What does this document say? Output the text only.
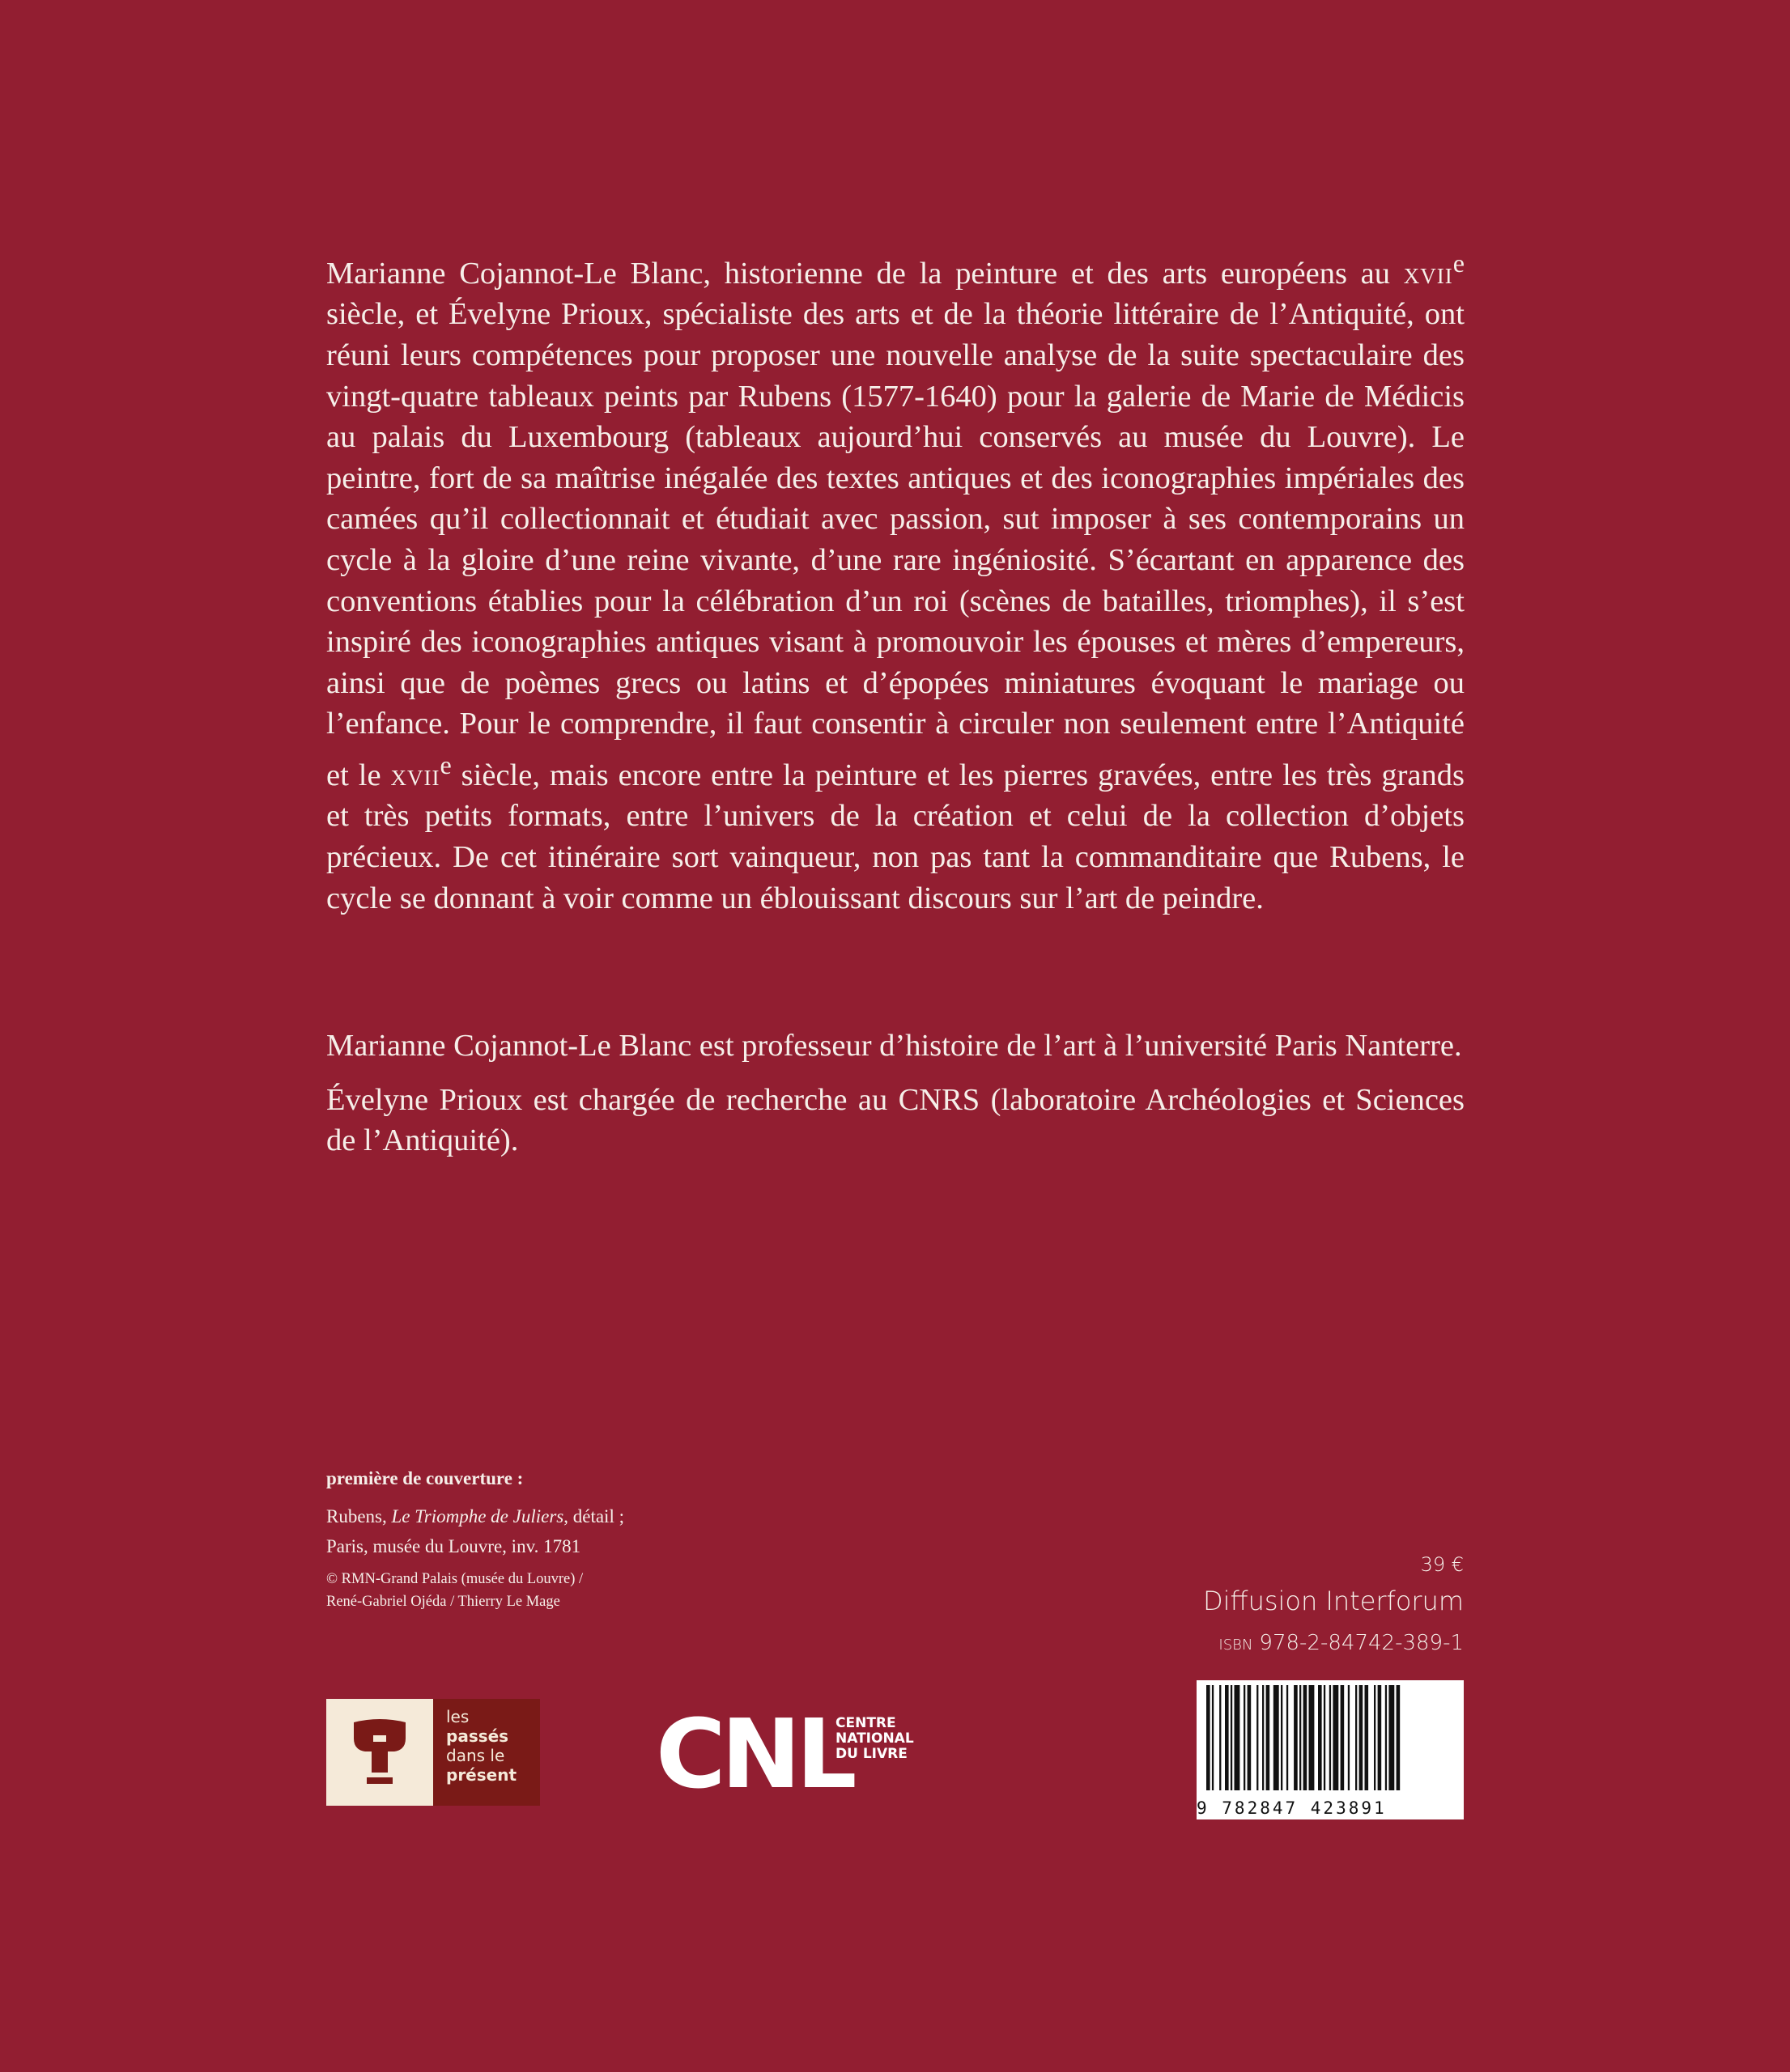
Marianne Cojannot-Le Blanc, historienne de la peinture et des arts européens au xvii$^e$ siècle, et Évelyne Prioux, spécialiste des arts et de la théorie littéraire de l’Antiquité, ont réuni leurs compétences pour proposer une nouvelle analyse de la suite spectaculaire des vingt-quatre tableaux peints par Rubens (1577-1640) pour la galerie de Marie de Médicis au palais du Luxembourg (tableaux aujourd’hui conservés au musée du Louvre). Le peintre, fort de sa maîtrise inégalée des textes antiques et des iconographies impériales des camées qu’il collectionnait et étudiait avec passion, sut imposer à ses contemporains un cycle à la gloire d’une reine vivante, d’une rare ingéniosité. S’écartant en apparence des conventions établies pour la célébration d’un roi (scènes de batailles, triomphes), il s’est inspiré des iconographies antiques visant à promouvoir les épouses et mères d’empereurs, ainsi que de poèmes grecs ou latins et d’épopées miniatures évoquant le mariage ou l’enfance. Pour le comprendre, il faut consentir à circuler non seulement entre l’Antiquité et le xvii$^e$ siècle, mais encore entre la peinture et les pierres gravées, entre les très grands et très petits formats, entre l’univers de la création et celui de la collection d’objets précieux. De cet itinéraire sort vainqueur, non pas tant la commanditaire que Rubens, le cycle se donnant à voir comme un éblouissant discours sur l’art de peindre.

Marianne Cojannot-Le Blanc est professeur d’histoire de l’art à l’université Paris Nanterre.

Évelyne Prioux est chargée de recherche au CNRS (laboratoire Archéologies et Sciences de l’Antiquité).

première de couverture :
Rubens, Le Triomphe de Juliers, détail ;
Paris, musée du Louvre, inv. 1781
© RMN-Grand Palais (musée du Louvre) /
René-Gabriel Ojéda / Thierry Le Mage
39 €
Diffusion Interforum
ISBN 978-2-84742-389-1
9 782847 423891
les
passés
dans le
présent CNL
CENTRE
NATIONAL
DU LIVRE
